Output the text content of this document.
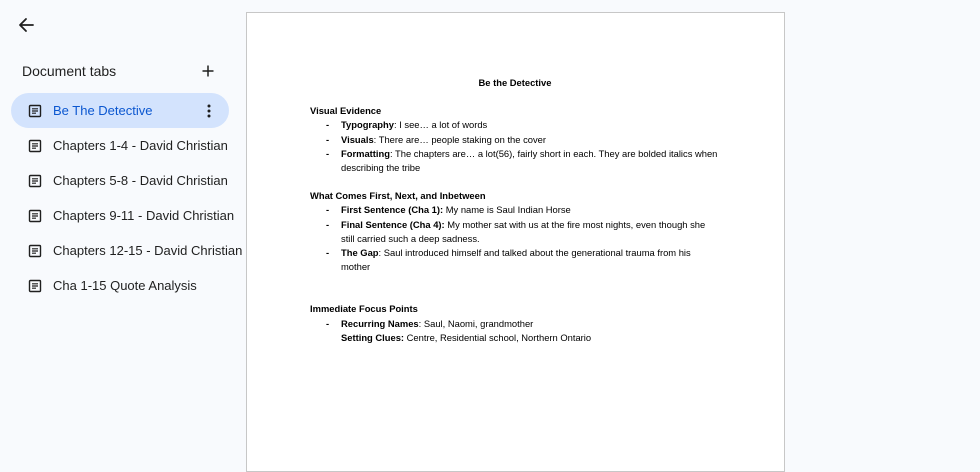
Document tabs
Be The Detective
Chapters 1-4 - David Christian
Chapters 5-8 - David Christian
Chapters 9-11 - David Christian
Chapters 12-15 - David Christian
Cha 1-15 Quote Analysis
Be the Detective
Visual Evidence
- Typography: I see… a lot of words
- Visuals: There are… people staking on the cover
- Formatting: The chapters are… a lot(56), fairly short in each. They are bolded italics when describing the tribe
What Comes First, Next, and Inbetween
- First Sentence (Cha 1): My name is Saul Indian Horse
- Final Sentence (Cha 4): My mother sat with us at the fire most nights, even though she still carried such a deep sadness.
- The Gap: Saul introduced himself and talked about the generational trauma from his mother
Immediate Focus Points
- Recurring Names: Saul, Naomi, grandmother
Setting Clues: Centre, Residential school, Northern Ontario
